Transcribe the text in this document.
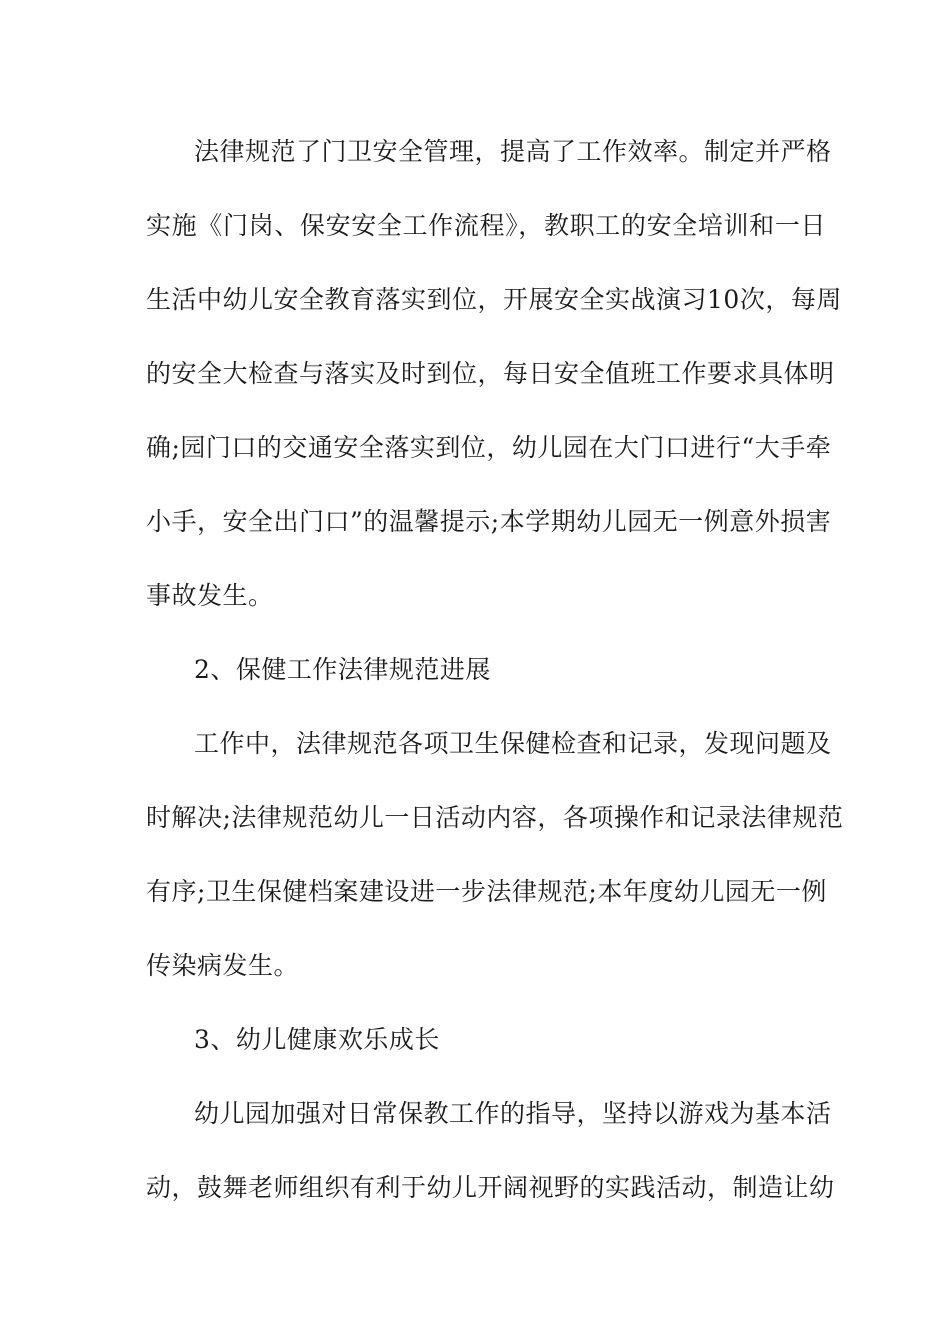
法律规范了门卫安全管理，提高了工作效率。制定并严格
实施《门岗、保安安全工作流程》，教职工的安全培训和一日
生活中幼儿安全教育落实到位，开展安全实战演习10次，每周
的安全大检查与落实及时到位，每日安全值班工作要求具体明
确;园门口的交通安全落实到位，幼儿园在大门口进行“大手牵
小手，安全出门口”的温馨提示;本学期幼儿园无一例意外损害
事故发生。
2、保健工作法律规范进展
工作中，法律规范各项卫生保健检查和记录，发现问题及
时解决;法律规范幼儿一日活动内容，各项操作和记录法律规范
有序;卫生保健档案建设进一步法律规范;本年度幼儿园无一例
传染病发生。
3、幼儿健康欢乐成长
幼儿园加强对日常保教工作的指导，坚持以游戏为基本活
动，鼓舞老师组织有利于幼儿开阔视野的实践活动，制造让幼
